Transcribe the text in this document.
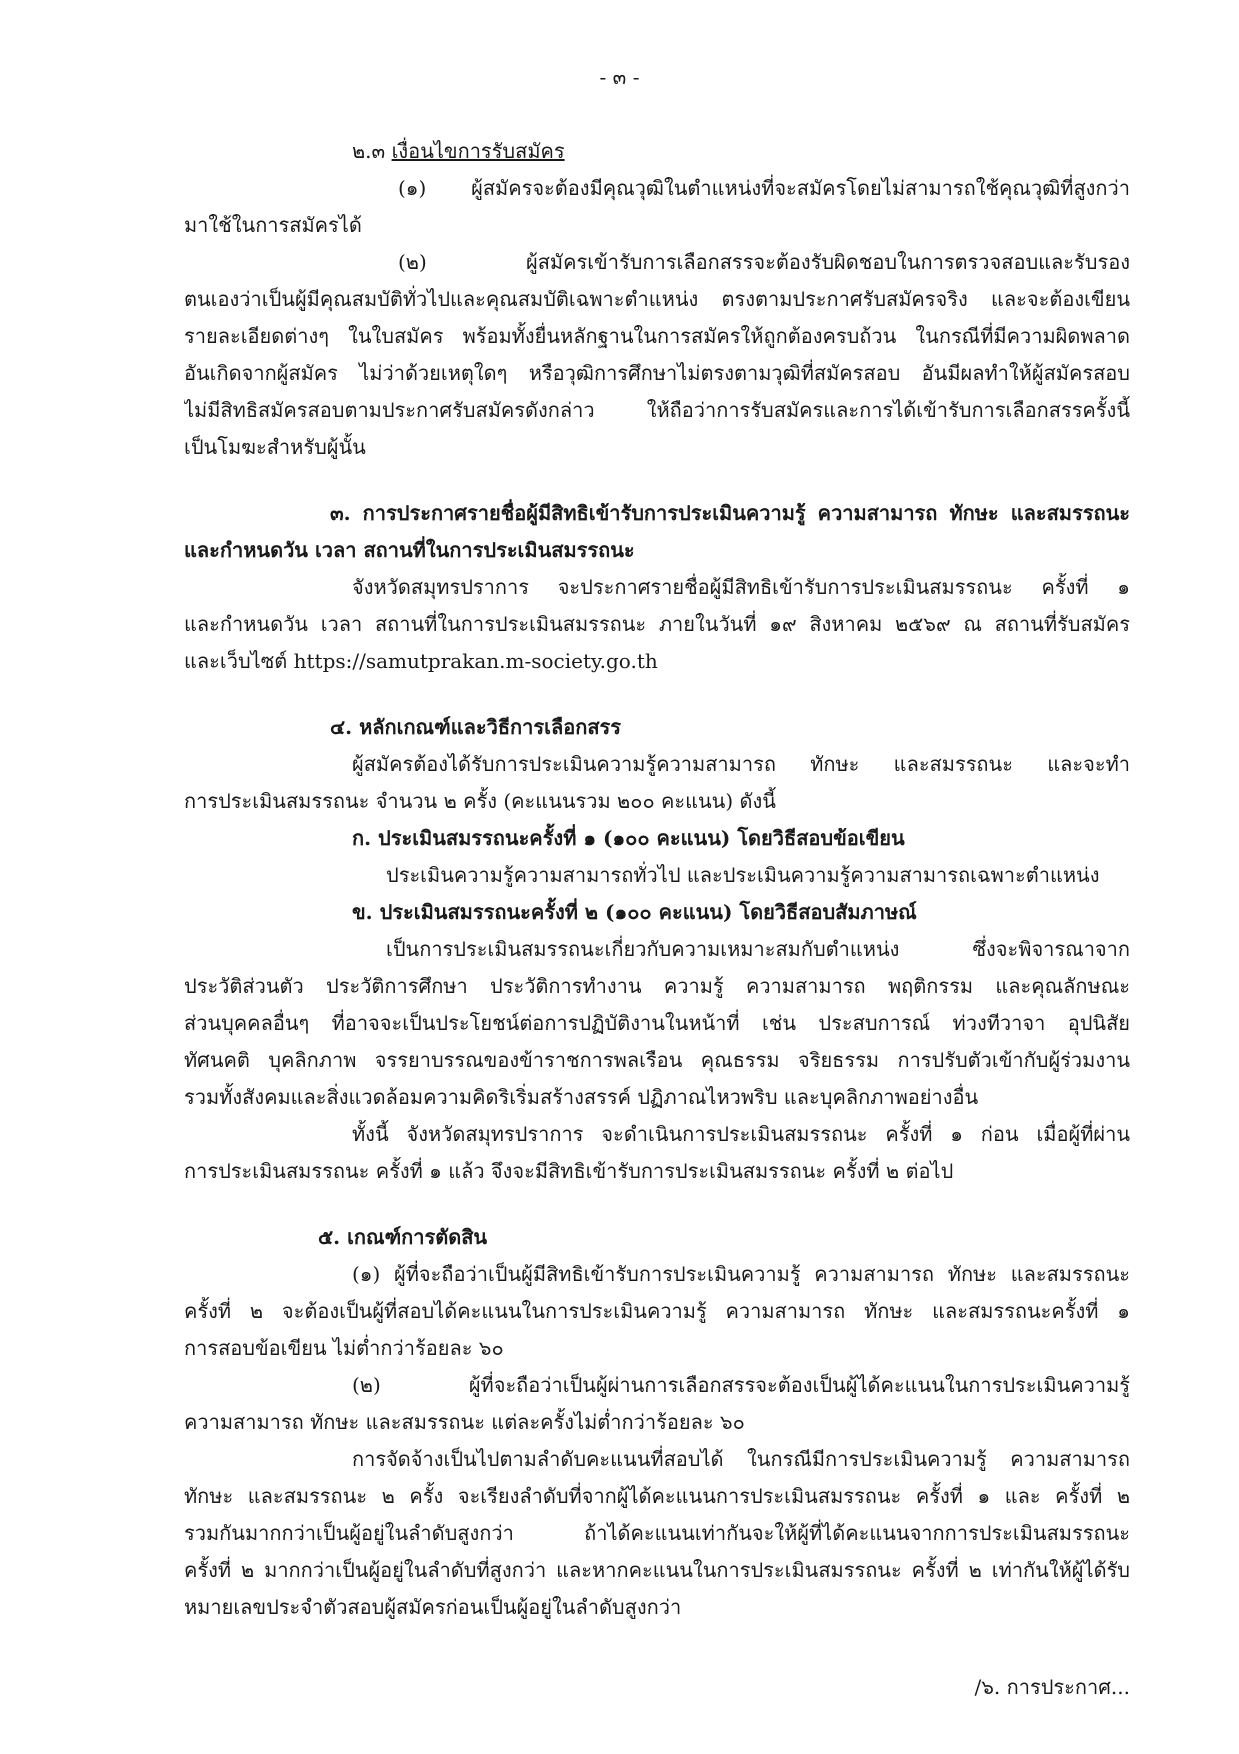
- ๓ -
๒.๓ เงื่อนไขการรับสมัคร
(๑) ผู้สมัครจะต้องมีคุณวุฒิในตำแหน่งที่จะสมัครโดยไม่สามารถใช้คุณวุฒิที่สูงกว่า
มาใช้ในการสมัครได้
(๒) ผู้สมัครเข้ารับการเลือกสรรจะต้องรับผิดชอบในการตรวจสอบและรับรอง
ตนเองว่าเป็นผู้มีคุณสมบัติทั่วไปและคุณสมบัติเฉพาะตำแหน่ง ตรงตามประกาศรับสมัครจริง และจะต้องเขียน
รายละเอียดต่างๆ ในใบสมัคร พร้อมทั้งยื่นหลักฐานในการสมัครให้ถูกต้องครบถ้วน ในกรณีที่มีความผิดพลาด
อันเกิดจากผู้สมัคร ไม่ว่าด้วยเหตุใดๆ หรือวุฒิการศึกษาไม่ตรงตามวุฒิที่สมัครสอบ อันมีผลทำให้ผู้สมัครสอบ
ไม่มีสิทธิสมัครสอบตามประกาศรับสมัครดังกล่าว ให้ถือว่าการรับสมัครและการได้เข้ารับการเลือกสรรครั้งนี้
เป็นโมฆะสำหรับผู้นั้น
๓. การประกาศรายชื่อผู้มีสิทธิเข้ารับการประเมินความรู้ ความสามารถ ทักษะ และสมรรถนะ
และกำหนดวัน เวลา สถานที่ในการประเมินสมรรถนะ
จังหวัดสมุทรปราการ จะประกาศรายชื่อผู้มีสิทธิเข้ารับการประเมินสมรรถนะ ครั้งที่ ๑
และกำหนดวัน เวลา สถานที่ในการประเมินสมรรถนะ ภายในวันที่ ๑๙ สิงหาคม ๒๕๖๙ ณ สถานที่รับสมัคร
และเว็บไซต์ https://samutprakan.m-society.go.th
๔. หลักเกณฑ์และวิธีการเลือกสรร
ผู้สมัครต้องได้รับการประเมินความรู้ความสามารถ ทักษะ และสมรรถนะ และจะทำ
การประเมินสมรรถนะ จำนวน ๒ ครั้ง (คะแนนรวม ๒๐๐ คะแนน) ดังนี้
ก. ประเมินสมรรถนะครั้งที่ ๑ (๑๐๐ คะแนน) โดยวิธีสอบข้อเขียน
ประเมินความรู้ความสามารถทั่วไป และประเมินความรู้ความสามารถเฉพาะตำแหน่ง
ข. ประเมินสมรรถนะครั้งที่ ๒ (๑๐๐ คะแนน) โดยวิธีสอบสัมภาษณ์
เป็นการประเมินสมรรถนะเกี่ยวกับความเหมาะสมกับตำแหน่ง ซึ่งจะพิจารณาจาก
ประวัติส่วนตัว ประวัติการศึกษา ประวัติการทำงาน ความรู้ ความสามารถ พฤติกรรม และคุณลักษณะ
ส่วนบุคคลอื่นๆ ที่อาจจะเป็นประโยชน์ต่อการปฏิบัติงานในหน้าที่ เช่น ประสบการณ์ ท่วงทีวาจา อุปนิสัย
ทัศนคติ บุคลิกภาพ จรรยาบรรณของข้าราชการพลเรือน คุณธรรม จริยธรรม การปรับตัวเข้ากับผู้ร่วมงาน
รวมทั้งสังคมและสิ่งแวดล้อมความคิดริเริ่มสร้างสรรค์ ปฏิภาณไหวพริบ และบุคลิกภาพอย่างอื่น
ทั้งนี้ จังหวัดสมุทรปราการ จะดำเนินการประเมินสมรรถนะ ครั้งที่ ๑ ก่อน เมื่อผู้ที่ผ่าน
การประเมินสมรรถนะ ครั้งที่ ๑ แล้ว จึงจะมีสิทธิเข้ารับการประเมินสมรรถนะ ครั้งที่ ๒ ต่อไป
๕. เกณฑ์การตัดสิน
(๑) ผู้ที่จะถือว่าเป็นผู้มีสิทธิเข้ารับการประเมินความรู้ ความสามารถ ทักษะ และสมรรถนะ
ครั้งที่ ๒ จะต้องเป็นผู้ที่สอบได้คะแนนในการประเมินความรู้ ความสามารถ ทักษะ และสมรรถนะครั้งที่ ๑
การสอบข้อเขียน ไม่ต่ำกว่าร้อยละ ๖๐
(๒) ผู้ที่จะถือว่าเป็นผู้ผ่านการเลือกสรรจะต้องเป็นผู้ได้คะแนนในการประเมินความรู้
ความสามารถ ทักษะ และสมรรถนะ แต่ละครั้งไม่ต่ำกว่าร้อยละ ๖๐
การจัดจ้างเป็นไปตามลำดับคะแนนที่สอบได้ ในกรณีมีการประเมินความรู้ ความสามารถ
ทักษะ และสมรรถนะ ๒ ครั้ง จะเรียงลำดับที่จากผู้ได้คะแนนการประเมินสมรรถนะ ครั้งที่ ๑ และ ครั้งที่ ๒
รวมกันมากกว่าเป็นผู้อยู่ในลำดับสูงกว่า ถ้าได้คะแนนเท่ากันจะให้ผู้ที่ได้คะแนนจากการประเมินสมรรถนะ
ครั้งที่ ๒ มากกว่าเป็นผู้อยู่ในลำดับที่สูงกว่า และหากคะแนนในการประเมินสมรรถนะ ครั้งที่ ๒ เท่ากันให้ผู้ได้รับ
หมายเลขประจำตัวสอบผู้สมัครก่อนเป็นผู้อยู่ในลำดับสูงกว่า
/๖. การประกาศ...
